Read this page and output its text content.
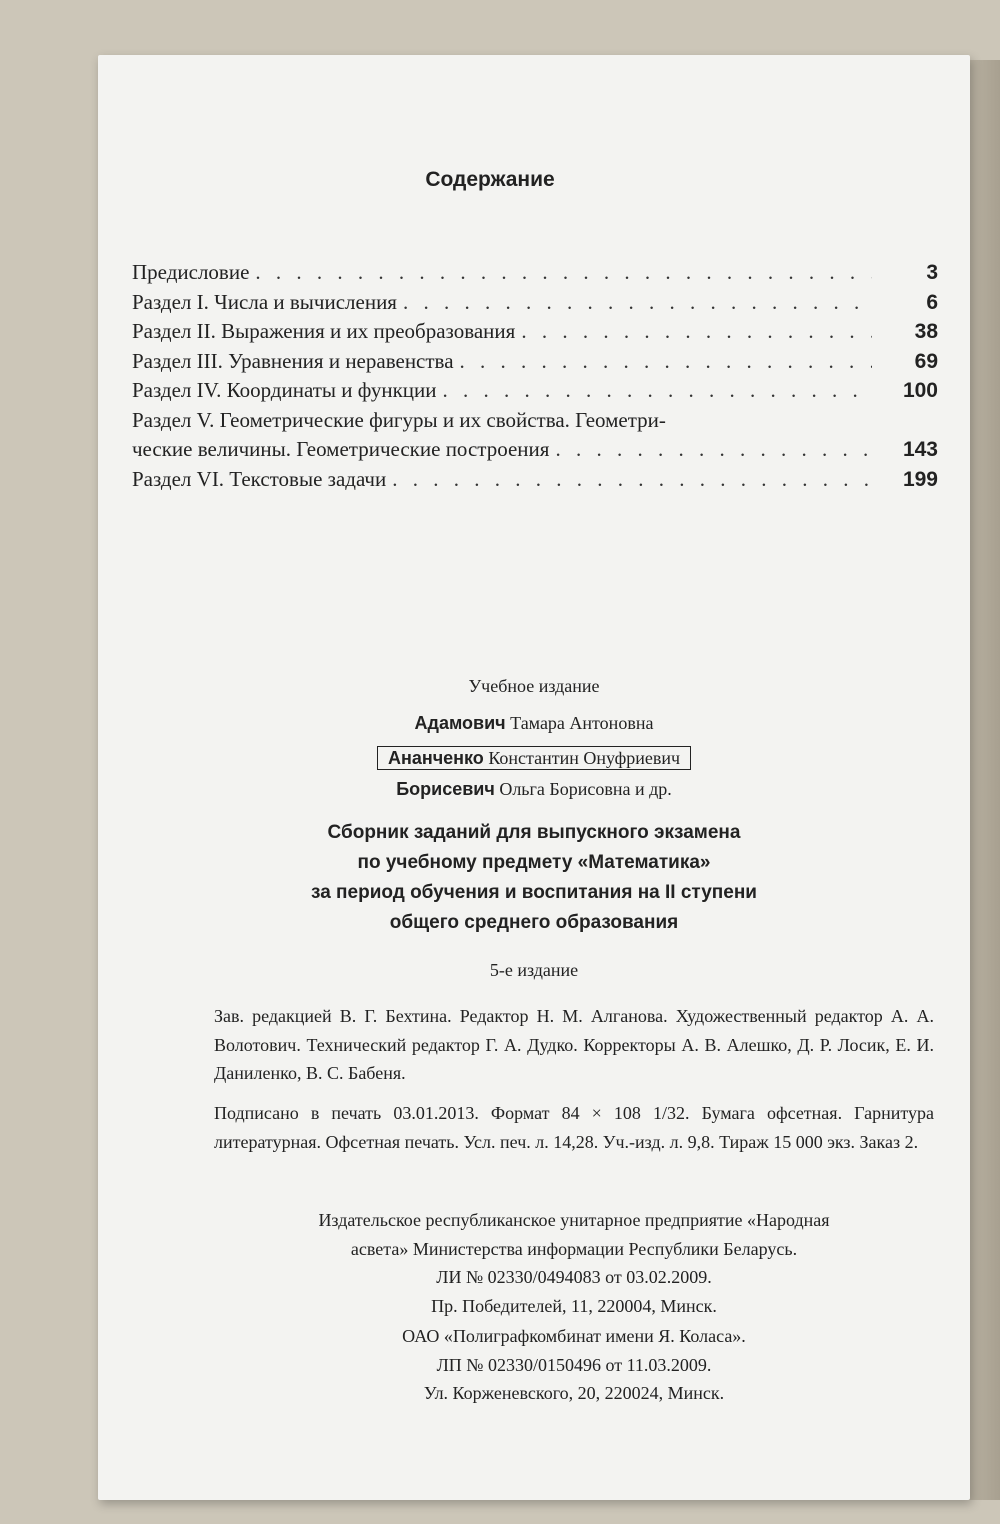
Содержание
Предисловие . . .	3
Раздел I. Числа и вычисления . . .	6
Раздел II. Выражения и их преобразования . . .	38
Раздел III. Уравнения и неравенства . . .	69
Раздел IV. Координаты и функции . . .	100
Раздел V. Геометрические фигуры и их свойства. Геометри-
ческие величины. Геометрические построения . . .	143
Раздел VI. Текстовые задачи . . .	199
Учебное издание
Адамович Тамара Антоновна
Ананченко Константин Онуфриевич
Борисевич Ольга Борисовна и др.
Сборник заданий для выпускного экзамена
по учебному предмету «Математика»
за период обучения и воспитания на II ступени
общего среднего образования
5-е издание
Зав. редакцией В. Г. Бехтина. Редактор Н. М. Алганова. Художественный редактор А. А. Волотович. Технический редактор Г. А. Дудко. Корректоры А. В. Алешко, Д. Р. Лосик, Е. И. Даниленко, В. С. Бабеня.
Подписано в печать 03.01.2013. Формат 84 × 108 1/32. Бумага офсетная. Гарнитура литературная. Офсетная печать. Усл. печ. л. 14,28. Уч.-изд. л. 9,8. Тираж 15 000 экз. Заказ 2.
Издательское республиканское унитарное предприятие «Народная
асвета» Министерства информации Республики Беларусь.
ЛИ № 02330/0494083 от 03.02.2009.
Пр. Победителей, 11, 220004, Минск.
ОАО «Полиграфкомбинат имени Я. Коласа».
ЛП № 02330/0150496 от 11.03.2009.
Ул. Корженевского, 20, 220024, Минск.
